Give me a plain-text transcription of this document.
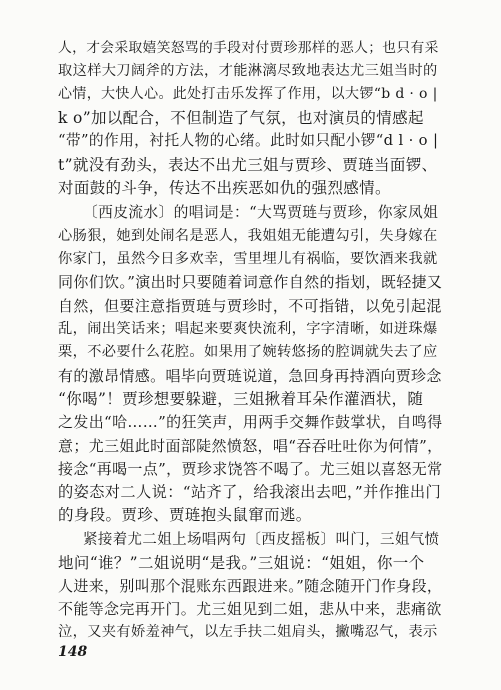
人，才会采取嬉笑怒骂的手段对付贾珍那样的恶人；也只有采
取这样大刀阔斧的方法，才能淋漓尽致地表达尤三姐当时的
心情，大快人心。此处打击乐发挥了作用，以大锣“b d · o |
k o”加以配合，不但制造了气氛，也对演员的情感起
“带”的作用，衬托人物的心绪。此时如只配小锣“d l · o |
t”就没有劲头，表达不出尤三姐与贾珍、贾琏当面锣、
对面鼓的斗争，传达不出疾恶如仇的强烈感情。
〔西皮流水〕的唱词是：“大骂贾琏与贾珍，你家凤姐
心肠狠，她到处闹名是恶人，我姐姐无能遭勾引，失身嫁在
你家门，虽然今日多欢幸，雪里埋儿有祸临，要饮酒来我就
同你们饮。”演出时只要随着词意作自然的指划，既轻捷又
自然，但要注意指贾琏与贾珍时，不可指错，以免引起混
乱，闹出笑话来；唱起来要爽快流利，字字清晰，如迸珠爆
栗，不必要什么花腔。如果用了婉转悠扬的腔调就失去了应
有的激昂情感。唱毕向贾琏说道，急回身再持酒向贾珍念
“你喝”！贾珍想要躲避，三姐揪着耳朵作灌酒状，随
之发出“哈……”的狂笑声，用两手交舞作鼓掌状，自鸣得
意；尤三姐此时面部陡然愤怒，唱“吞吞吐吐你为何情”，
接念“再喝一点”，贾珍求饶答不喝了。尤三姐以喜怒无常
的姿态对二人说：“站齐了，给我滚出去吧，”并作推出门
的身段。贾珍、贾琏抱头鼠窜而逃。
紧接着尤二姐上场唱两句〔西皮摇板〕叫门，三姐气愤
地问“谁？”二姐说明“是我。”三姐说：“姐姐，你一个
人进来，别叫那个混账东西跟进来。”随念随开门作身段，
不能等念完再开门。尤三姐见到二姐，悲从中来，悲痛欲
泣，又夹有娇羞神气，以左手扶二姐肩头，撇嘴忍气，表示
148
